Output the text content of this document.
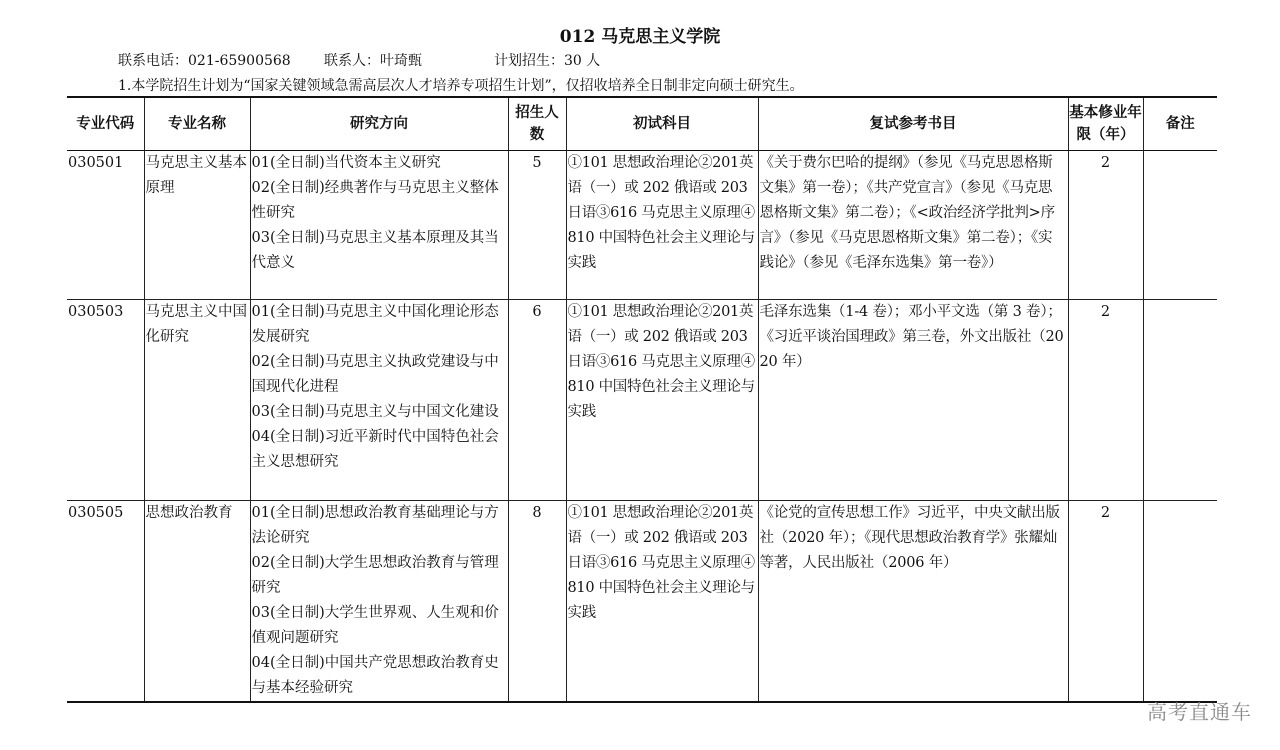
012 马克思主义学院
联系电话：021-65900568 联系人：叶琦甄	计划招生：30 人
1.本学院招生计划为“国家关键领域急需高层次人才培养专项招生计划”，仅招收培养全日制非定向硕士研究生。
专业代码	专业名称	研究方向	招生人数	初试科目	复试参考书目	基本修业年限（年）	备注
030501	马克思主义基本原理	01(全日制)当代资本主义研究
02(全日制)经典著作与马克思主义整体性研究
03(全日制)马克思主义基本原理及其当代意义	5	①101 思想政治理论②201英语（一）或 202 俄语或 203日语③616 马克思主义原理④810 中国特色社会主义理论与实践	《关于费尔巴哈的提纲》（参见《马克思恩格斯文集》第一卷）；《共产党宣言》（参见《马克思恩格斯文集》第二卷）；《<政治经济学批判>序言》（参见《马克思恩格斯文集》第二卷）；《实践论》（参见《毛泽东选集》第一卷》）	2	
030503	马克思主义中国化研究	01(全日制)马克思主义中国化理论形态发展研究
02(全日制)马克思主义执政党建设与中国现代化进程
03(全日制)马克思主义与中国文化建设
04(全日制)习近平新时代中国特色社会主义思想研究	6	①101 思想政治理论②201英语（一）或 202 俄语或 203日语③616 马克思主义原理④810 中国特色社会主义理论与实践	毛泽东选集（1-4 卷）；邓小平文选（第 3 卷）；《习近平谈治国理政》第三卷，外文出版社（2020 年）	2	
030505	思想政治教育	01(全日制)思想政治教育基础理论与方法论研究
02(全日制)大学生思想政治教育与管理研究
03(全日制)大学生世界观、人生观和价值观问题研究
04(全日制)中国共产党思想政治教育史与基本经验研究	8	①101 思想政治理论②201英语（一）或 202 俄语或 203日语③616 马克思主义原理④810 中国特色社会主义理论与实践	《论党的宣传思想工作》习近平，中央文献出版社（2020 年）；《现代思想政治教育学》张耀灿等著，人民出版社（2006 年）	2	
高考直通车
